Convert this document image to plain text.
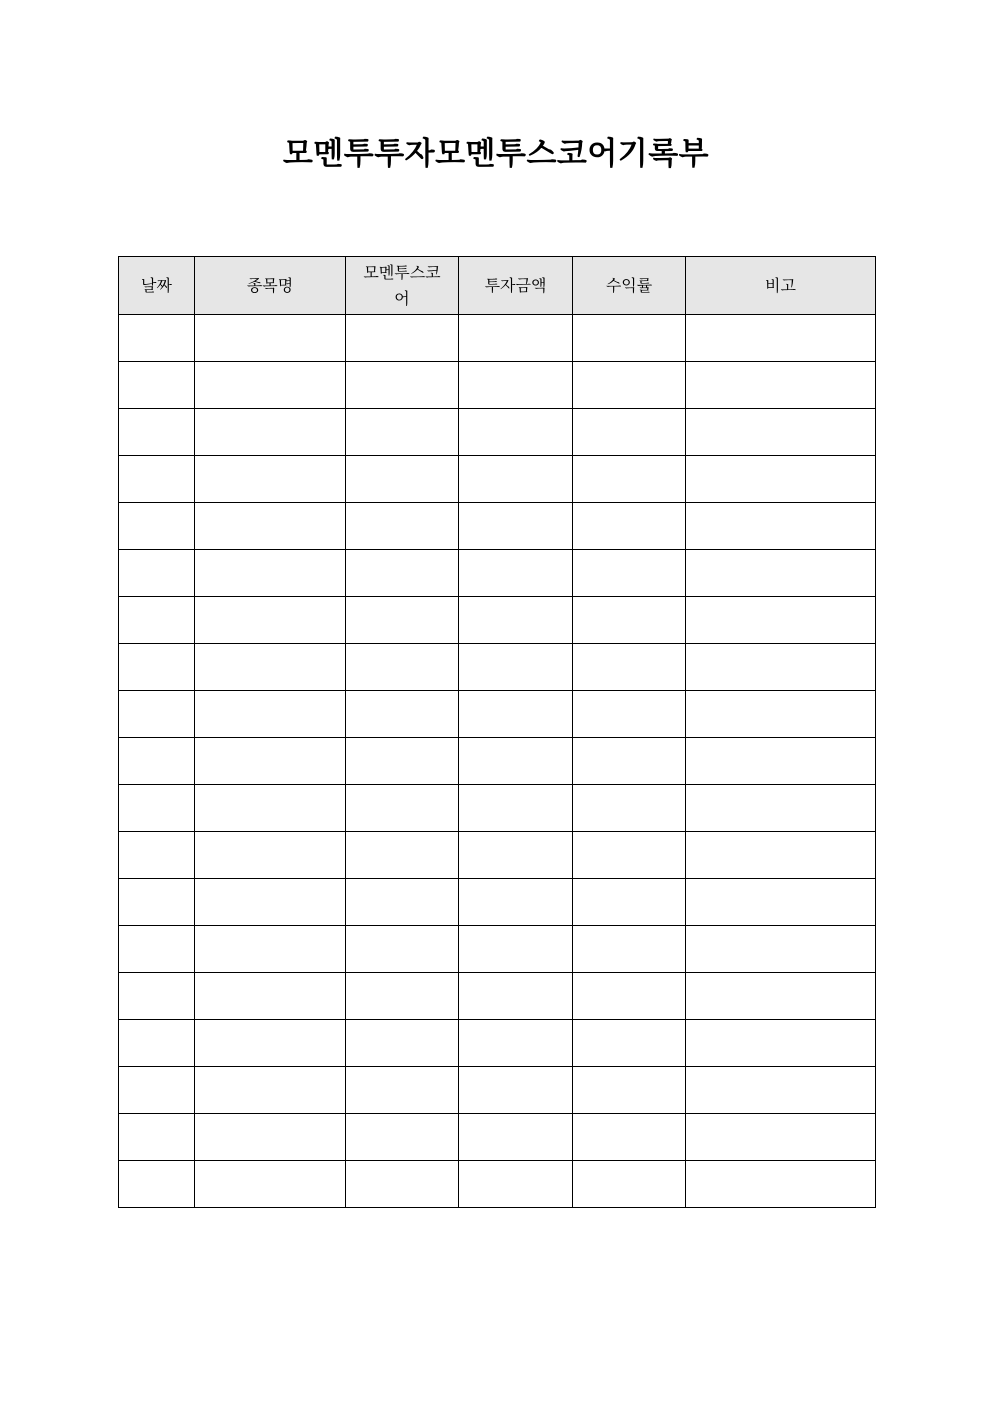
모멘투투자모멘투스코어기록부
날짜	종목명	모멘투스코어	투자금액	수익률	비고
